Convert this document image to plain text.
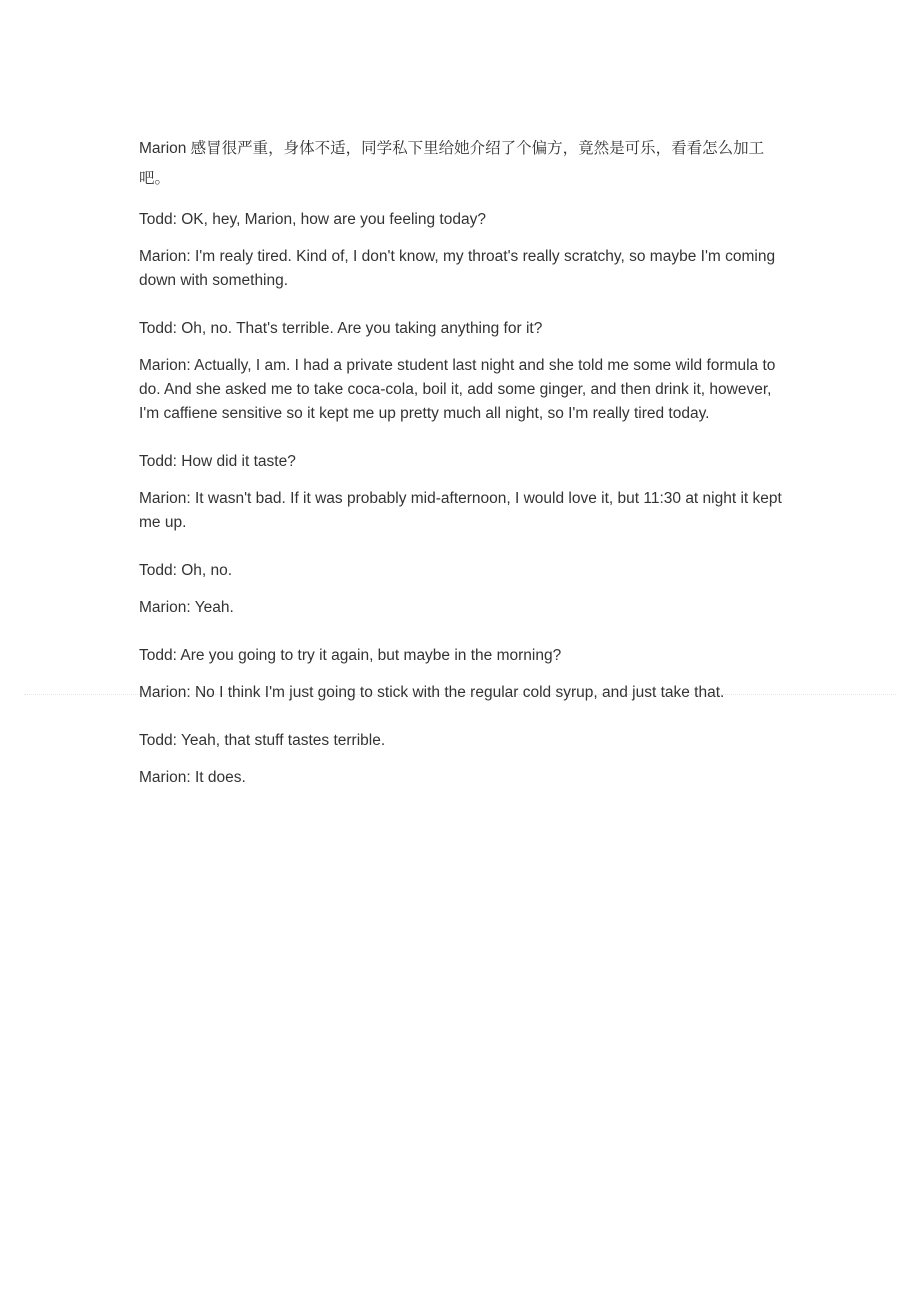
Marion 感冒很严重，身体不适，同学私下里给她介绍了个偏方，竟然是可乐，看看怎么加工吧。

Todd: OK, hey, Marion, how are you feeling today?

Marion: I'm realy tired. Kind of, I don't know, my throat's really scratchy, so maybe I'm coming down with something.

Todd: Oh, no. That's terrible. Are you taking anything for it?

Marion: Actually, I am. I had a private student last night and she told me some wild formula to do. And she asked me to take coca-cola, boil it, add some ginger, and then drink it, however, I'm caffiene sensitive so it kept me up pretty much all night, so I'm really tired today.

Todd: How did it taste?

Marion: It wasn't bad. If it was probably mid-afternoon, I would love it, but 11:30 at night it kept me up.

Todd: Oh, no.

Marion: Yeah.

Todd: Are you going to try it again, but maybe in the morning?

Marion: No I think I'm just going to stick with the regular cold syrup, and just take that.

Todd: Yeah, that stuff tastes terrible.

Marion: It does.
